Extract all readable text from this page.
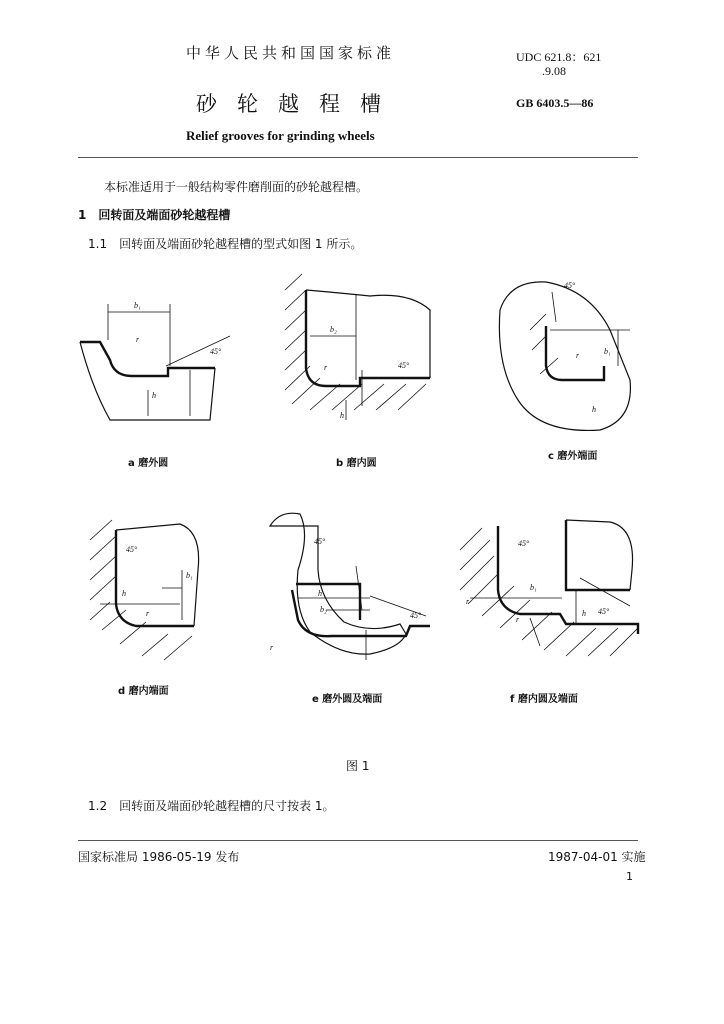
中华人民共和国国家标准	UDC 621.8：621
.9.08
砂轮越程槽	GB 6403.5—86
Relief grooves for grinding wheels
本标准适用于一般结构零件磨削面的砂轮越程槽。
1　回转面及端面砂轮越程槽
1.1　回转面及端面砂轮越程槽的型式如图 1 所示。
b₁
r
45°
h
b₂
r	45°
h
45°
b₁
r
h
45°
h
r
b₁
45°
h
b₂
r
45°
45°
r
b₁
r
h 45°
a 磨外圆	b 磨内圆
c 磨外端面
d 磨内端面
e 磨外圆及端面	f 磨内圆及端面
图 1
1.2　回转面及端面砂轮越程槽的尺寸按表 1。
国家标准局 1986-05-19 发布	1987-04-01 实施
1
